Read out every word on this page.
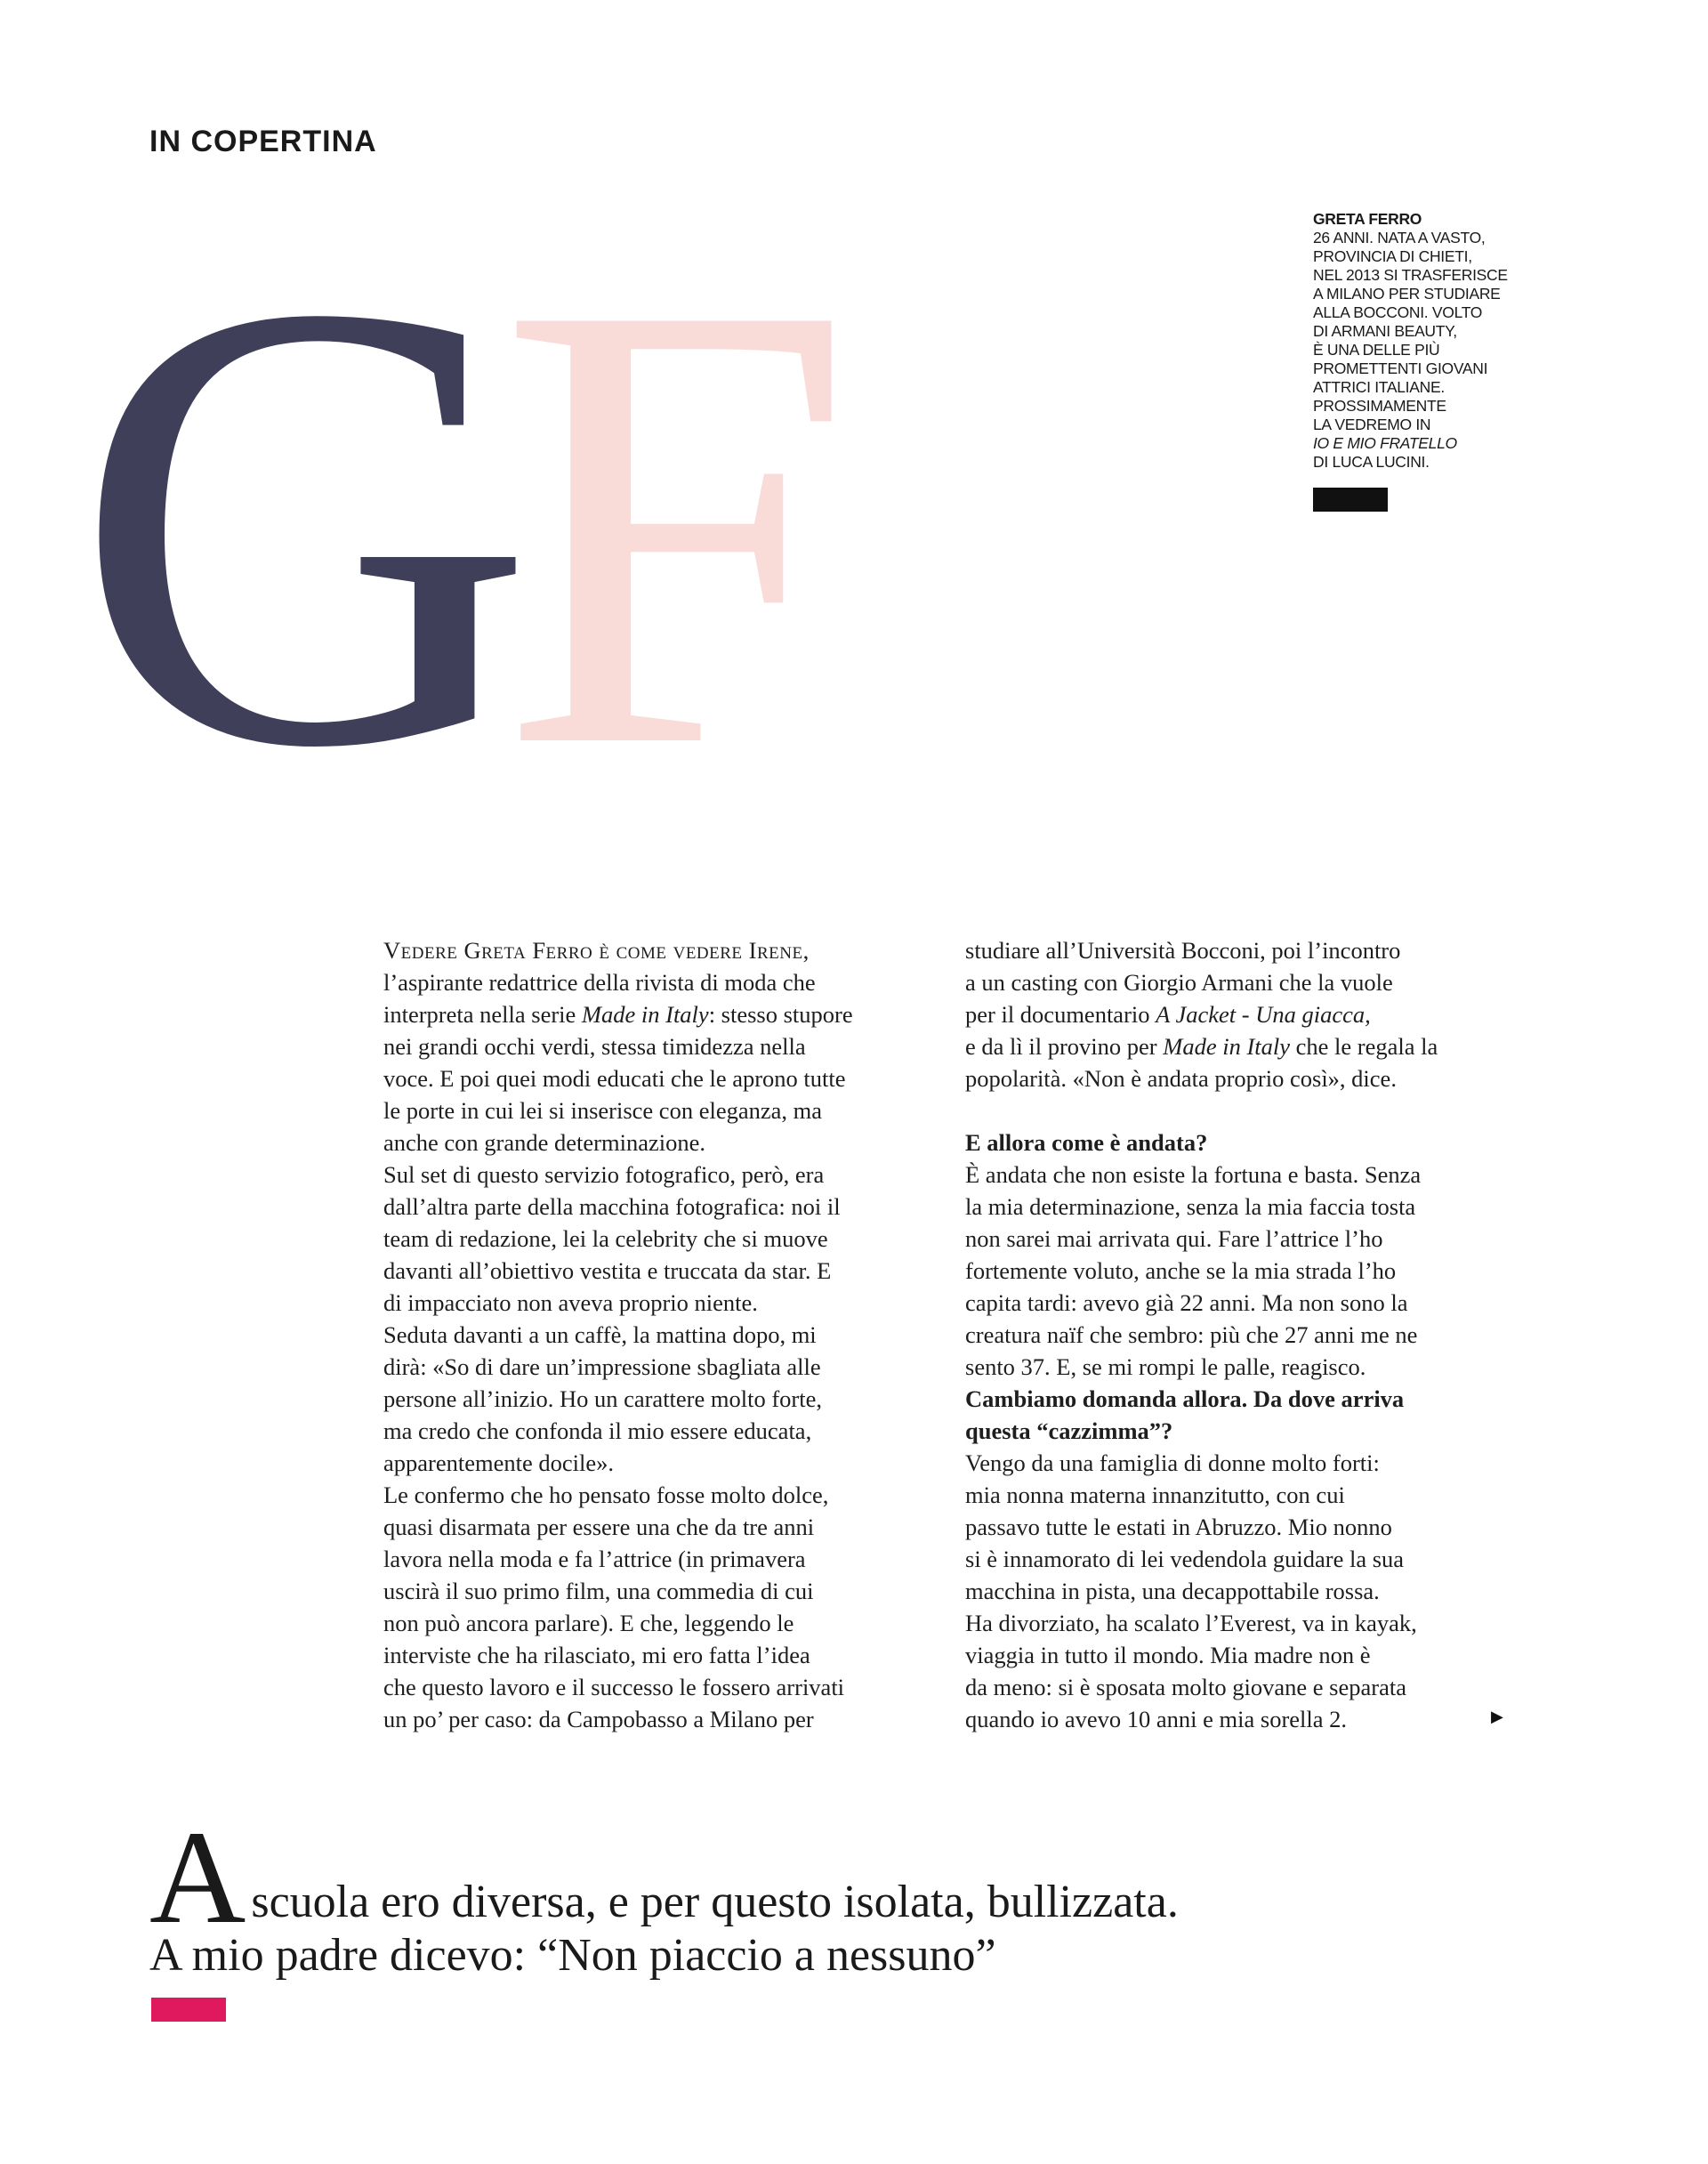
IN COPERTINA
F
G	GRETA FERRO
26 ANNI. NATA A VASTO,
PROVINCIA DI CHIETI,
NEL 2013 SI TRASFERISCE
A MILANO PER STUDIARE
ALLA BOCCONI. VOLTO
DI ARMANI BEAUTY,
È UNA DELLE PIÙ
PROMETTENTI GIOVANI
ATTRICI ITALIANE.
PROSSIMAMENTE
LA VEDREMO IN
IO E MIO FRATELLO
DI LUCA LUCINI.
Vedere Greta Ferro è come vedere Irene,
l’aspirante redattrice della rivista di moda che
interpreta nella serie Made in Italy: stesso stupore
nei grandi occhi verdi, stessa timidezza nella
voce. E poi quei modi educati che le aprono tutte
le porte in cui lei si inserisce con eleganza, ma
anche con grande determinazione.
Sul set di questo servizio fotografico, però, era
dall’altra parte della macchina fotografica: noi il
team di redazione, lei la celebrity che si muove
davanti all’obiettivo vestita e truccata da star. E
di impacciato non aveva proprio niente.
Seduta davanti a un caffè, la mattina dopo, mi
dirà: «So di dare un’impressione sbagliata alle
persone all’inizio. Ho un carattere molto forte,
ma credo che confonda il mio essere educata,
apparentemente docile».
Le confermo che ho pensato fosse molto dolce,
quasi disarmata per essere una che da tre anni
lavora nella moda e fa l’attrice (in primavera
uscirà il suo primo film, una commedia di cui
non può ancora parlare). E che, leggendo le
interviste che ha rilasciato, mi ero fatta l’idea
che questo lavoro e il successo le fossero arrivati
un po’ per caso: da Campobasso a Milano per
studiare all’Università Bocconi, poi l’incontro
a un casting con Giorgio Armani che la vuole
per il documentario A Jacket - Una giacca,
e da lì il provino per Made in Italy che le regala la
popolarità. «Non è andata proprio così», dice.
E allora come è andata?
È andata che non esiste la fortuna e basta. Senza
la mia determinazione, senza la mia faccia tosta
non sarei mai arrivata qui. Fare l’attrice l’ho
fortemente voluto, anche se la mia strada l’ho
capita tardi: avevo già 22 anni. Ma non sono la
creatura naïf che sembro: più che 27 anni me ne
sento 37. E, se mi rompi le palle, reagisco.
Cambiamo domanda allora. Da dove arriva
questa “cazzimma”?
Vengo da una famiglia di donne molto forti:
mia nonna materna innanzitutto, con cui
passavo tutte le estati in Abruzzo. Mio nonno
si è innamorato di lei vedendola guidare la sua
macchina in pista, una decappottabile rossa.
Ha divorziato, ha scalato l’Everest, va in kayak,
viaggia in tutto il mondo. Mia madre non è
da meno: si è sposata molto giovane e separata
quando io avevo 10 anni e mia sorella 2.	▶
Ascuola ero diversa, e per questo isolata, bullizzata.
A mio padre dicevo: “Non piaccio a nessuno”
